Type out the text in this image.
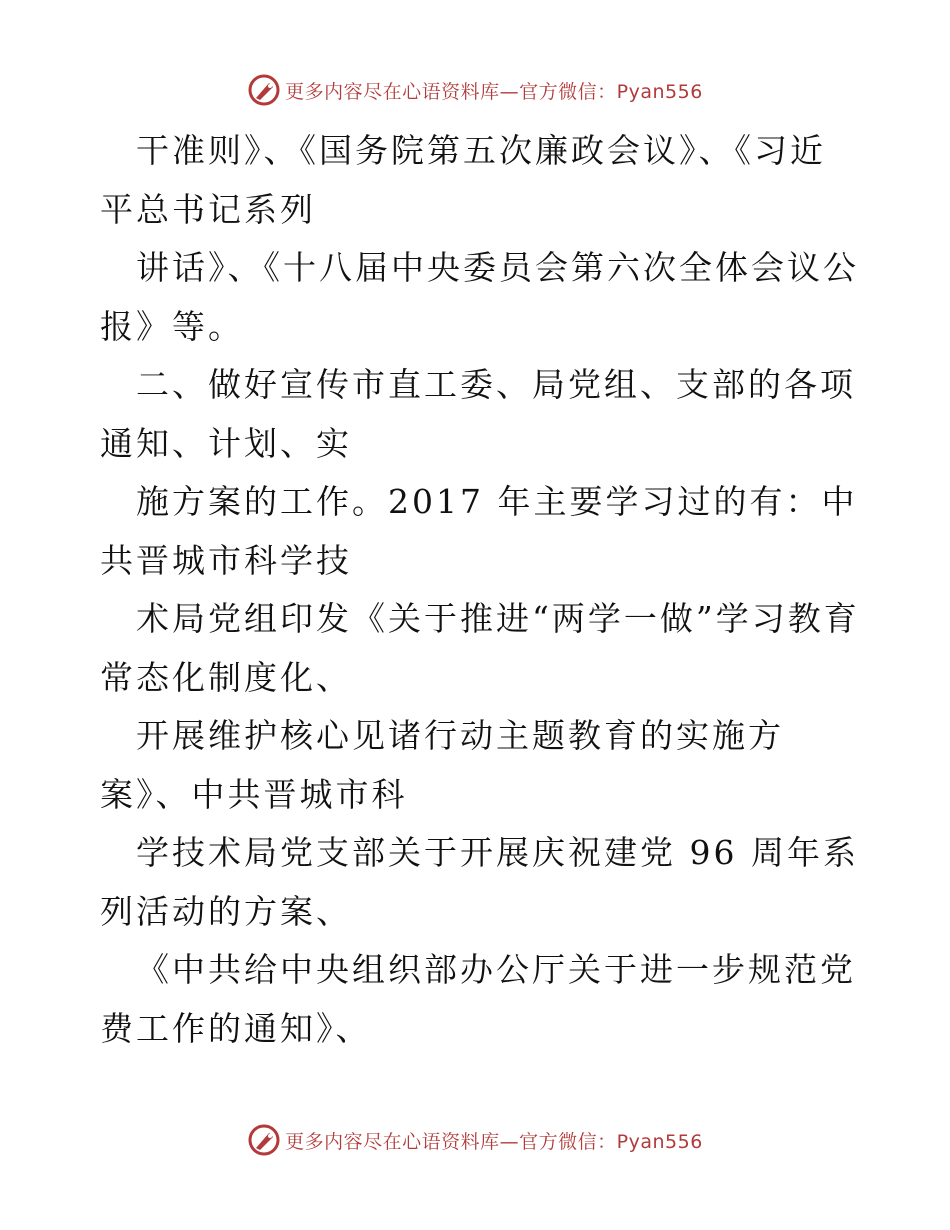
更多内容尽在心语资料库—官方微信：Pyan556

干准则》、《国务院第五次廉政会议》、《习近平总书记系列

讲话》、《十八届中央委员会第六次全体会议公报》等。

二、做好宣传市直工委、局党组、支部的各项通知、计划、实

施方案的工作。2017 年主要学习过的有：中共晋城市科学技

术局党组印发《关于推进“两学一做”学习教育常态化制度化、

开展维护核心见诸行动主题教育的实施方案》、中共晋城市科

学技术局党支部关于开展庆祝建党 96 周年系列活动的方案、

《中共给中央组织部办公厅关于进一步规范党费工作的通知》、

更多内容尽在心语资料库—官方微信：Pyan556
